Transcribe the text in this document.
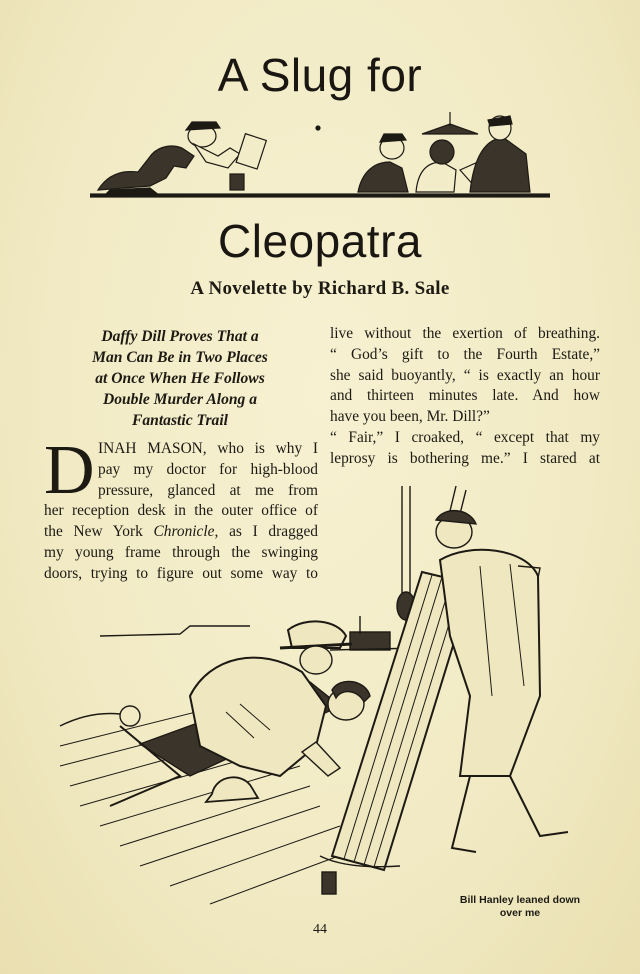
A Slug for
Cleopatra
A Novelette by Richard B. Sale
Daffy Dill Proves That a
Man Can Be in Two Places
at Once When He Follows
Double Murder Along a
Fantastic Trail
D INAH MASON, who is why I
pay my doctor for high-blood
pressure, glanced at me from
her reception desk in the outer office of
the New York Chronicle, as I dragged
my young frame through the swinging
doors, trying to figure out some way to
live without the exertion of breathing.
“ God’s gift to the Fourth Estate,”
she said buoyantly, “ is exactly an hour
and thirteen minutes late. And how
have you been, Mr. Dill?”
“ Fair,” I croaked, “ except that my
leprosy is bothering me.” I stared at
Bill Hanley leaned down
over me
44
